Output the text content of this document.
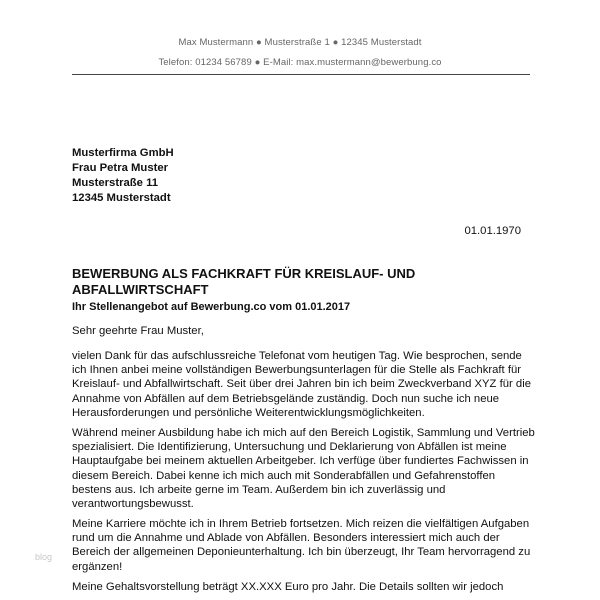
Max Mustermann ● Musterstraße 1 ● 12345 Musterstadt
Telefon: 01234 56789 ● E-Mail: max.mustermann@bewerbung.co
Musterfirma GmbH
Frau Petra Muster
Musterstraße 11
12345 Musterstadt
01.01.1970
BEWERBUNG ALS FACHKRAFT FÜR KREISLAUF- UND ABFALLWIRTSCHAFT
Ihr Stellenangebot auf Bewerbung.co vom 01.01.2017
Sehr geehrte Frau Muster,
vielen Dank für das aufschlussreiche Telefonat vom heutigen Tag. Wie besprochen, sende
ich Ihnen anbei meine vollständigen Bewerbungsunterlagen für die Stelle als Fachkraft für
Kreislauf- und Abfallwirtschaft. Seit über drei Jahren bin ich beim Zweckverband XYZ für die
Annahme von Abfällen auf dem Betriebsgelände zuständig. Doch nun suche ich neue
Herausforderungen und persönliche Weiterentwicklungsmöglichkeiten.
Während meiner Ausbildung habe ich mich auf den Bereich Logistik, Sammlung und Vertrieb
spezialisiert. Die Identifizierung, Untersuchung und Deklarierung von Abfällen ist meine
Hauptaufgabe bei meinem aktuellen Arbeitgeber. Ich verfüge über fundiertes Fachwissen in
diesem Bereich. Dabei kenne ich mich auch mit Sonderabfällen und Gefahrenstoffen
bestens aus. Ich arbeite gerne im Team. Außerdem bin ich zuverlässig und
verantwortungsbewusst.
Meine Karriere möchte ich in Ihrem Betrieb fortsetzen. Mich reizen die vielfältigen Aufgaben
rund um die Annahme und Ablade von Abfällen. Besonders interessiert mich auch der
Bereich der allgemeinen Deponieunterhaltung. Ich bin überzeugt, Ihr Team hervorragend zu
ergänzen!
Meine Gehaltsvorstellung beträgt XX.XXX Euro pro Jahr. Die Details sollten wir jedoch
blog
